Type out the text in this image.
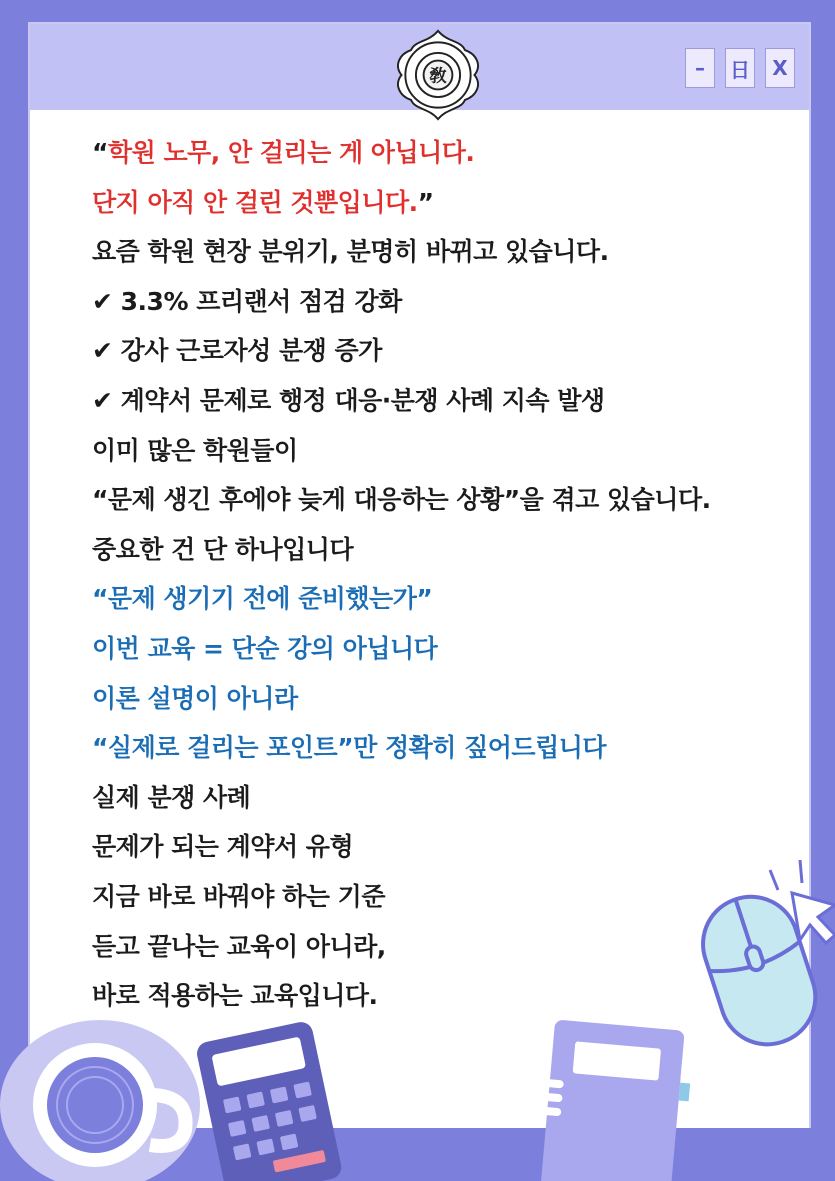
敎	–	日	X
“학원 노무, 안 걸리는 게 아닙니다.
단지 아직 안 걸린 것뿐입니다.”
요즘 학원 현장 분위기, 분명히 바뀌고 있습니다.
✔ 3.3% 프리랜서 점검 강화
✔ 강사 근로자성 분쟁 증가
✔ 계약서 문제로 행정 대응·분쟁 사례 지속 발생
이미 많은 학원들이
“문제 생긴 후에야 늦게 대응하는 상황”을 겪고 있습니다.
중요한 건 단 하나입니다
“문제 생기기 전에 준비했는가”
이번 교육 = 단순 강의 아닙니다
이론 설명이 아니라
“실제로 걸리는 포인트”만 정확히 짚어드립니다
실제 분쟁 사례
문제가 되는 계약서 유형
지금 바로 바꿔야 하는 기준
듣고 끝나는 교육이 아니라,
바로 적용하는 교육입니다.
